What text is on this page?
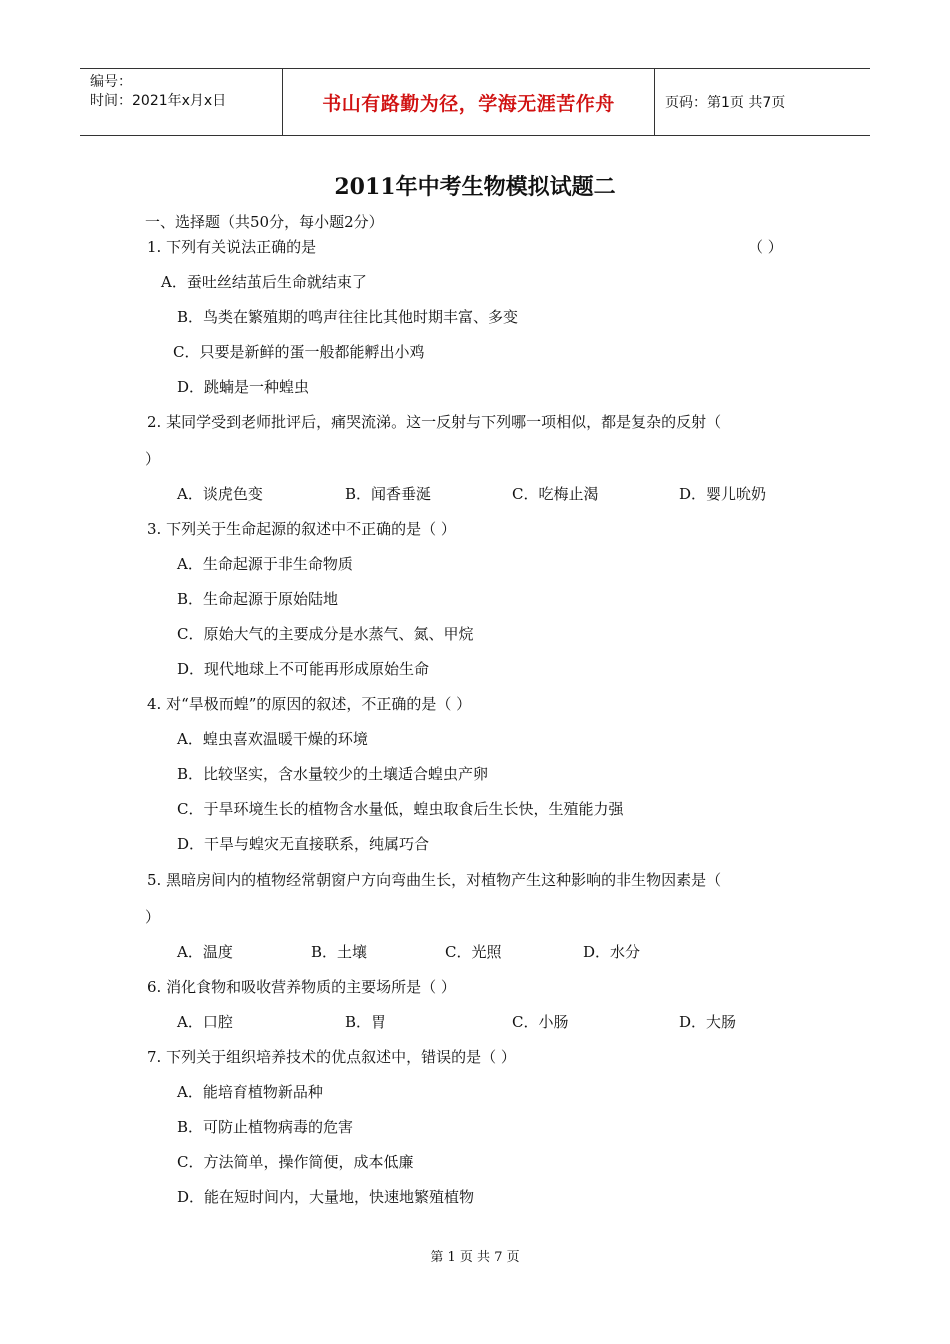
编号：
时间：2021年x月x日	书山有路勤为径，学海无涯苦作舟	页码：第1页 共7页
2011年中考生物模拟试题二
一、选择题（共50分，每小题2分）
1. 下列有关说法正确的是	（ ）
A．蚕吐丝结茧后生命就结束了
B．鸟类在繁殖期的鸣声往往比其他时期丰富、多变
C．只要是新鲜的蛋一般都能孵出小鸡
D．跳蝻是一种蝗虫
2. 某同学受到老师批评后，痛哭流涕。这一反射与下列哪一项相似，都是复杂的反射（
）
A．谈虎色变	B．闻香垂涎	C．吃梅止渴	D．婴儿吮奶
3. 下列关于生命起源的叙述中不正确的是（ ）
A．生命起源于非生命物质
B．生命起源于原始陆地
C．原始大气的主要成分是水蒸气、氮、甲烷
D．现代地球上不可能再形成原始生命
4. 对“旱极而蝗”的原因的叙述，不正确的是（ ）
A．蝗虫喜欢温暖干燥的环境
B．比较坚实，含水量较少的土壤适合蝗虫产卵
C．于旱环境生长的植物含水量低，蝗虫取食后生长快，生殖能力强
D．干旱与蝗灾无直接联系，纯属巧合
5. 黑暗房间内的植物经常朝窗户方向弯曲生长，对植物产生这种影响的非生物因素是（
）
A．温度	B．土壤	C．光照	D．水分
6. 消化食物和吸收营养物质的主要场所是（ ）
A．口腔	B．胃	C．小肠	D．大肠
7. 下列关于组织培养技术的优点叙述中，错误的是（ ）
A．能培育植物新品种
B．可防止植物病毒的危害
C．方法简单，操作简便，成本低廉
D．能在短时间内，大量地，快速地繁殖植物
第 1 页 共 7 页
